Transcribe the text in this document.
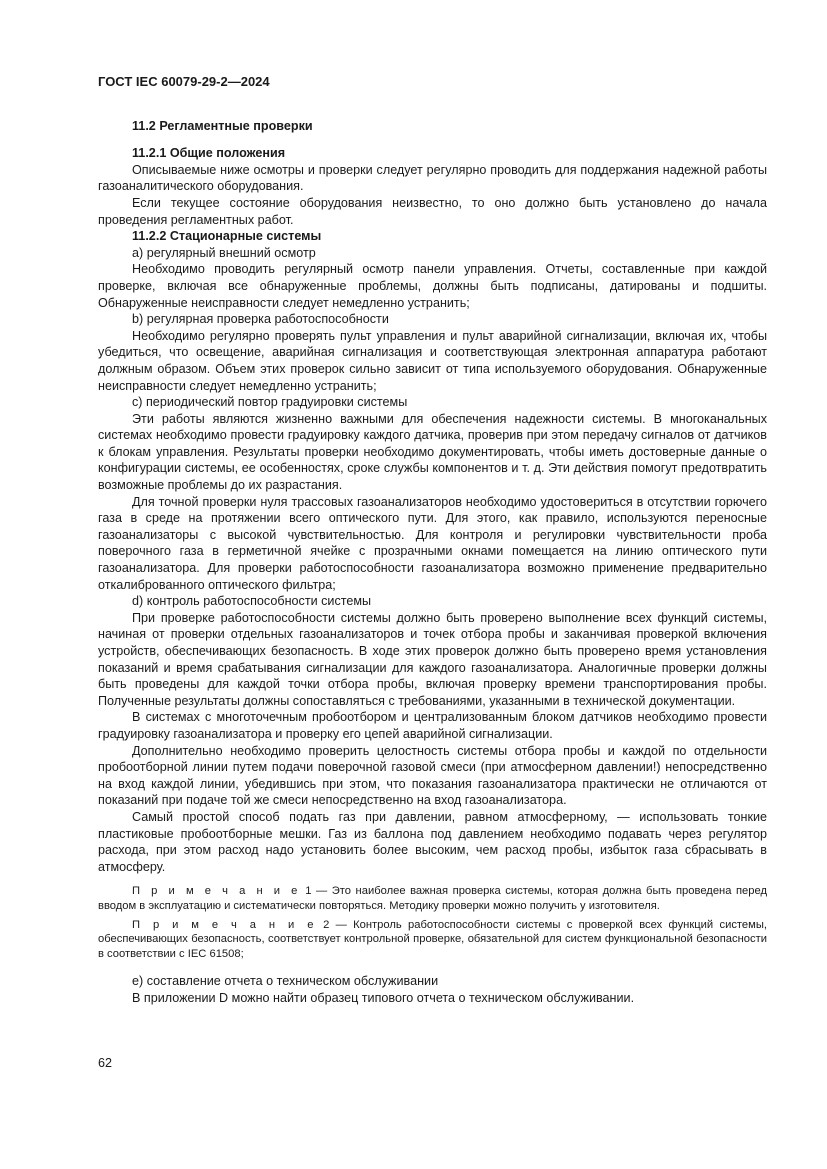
ГОСТ IEC 60079-29-2—2024
11.2 Регламентные проверки
11.2.1 Общие положения

Описываемые ниже осмотры и проверки следует регулярно проводить для поддержания надежной работы газоаналитического оборудования.

Если текущее состояние оборудования неизвестно, то оно должно быть установлено до начала проведения регламентных работ.

11.2.2 Стационарные системы

a) регулярный внешний осмотр

Необходимо проводить регулярный осмотр панели управления. Отчеты, составленные при каждой проверке, включая все обнаруженные проблемы, должны быть подписаны, датированы и подшиты. Обнаруженные неисправности следует немедленно устранить;

b) регулярная проверка работоспособности

Необходимо регулярно проверять пульт управления и пульт аварийной сигнализации, включая их, чтобы убедиться, что освещение, аварийная сигнализация и соответствующая электронная аппаратура работают должным образом. Объем этих проверок сильно зависит от типа используемого оборудования. Обнаруженные неисправности следует немедленно устранить;

c) периодический повтор градуировки системы

Эти работы являются жизненно важными для обеспечения надежности системы. В многоканальных системах необходимо провести градуировку каждого датчика, проверив при этом передачу сигналов от датчиков к блокам управления. Результаты проверки необходимо документировать, чтобы иметь достоверные данные о конфигурации системы, ее особенностях, сроке службы компонентов и т. д. Эти действия помогут предотвратить возможные проблемы до их разрастания.

Для точной проверки нуля трассовых газоанализаторов необходимо удостовериться в отсутствии горючего газа в среде на протяжении всего оптического пути. Для этого, как правило, используются переносные газоанализаторы с высокой чувствительностью. Для контроля и регулировки чувствительности проба поверочного газа в герметичной ячейке с прозрачными окнами помещается на линию оптического пути газоанализатора. Для проверки работоспособности газоанализатора возможно применение предварительно откалиброванного оптического фильтра;

d) контроль работоспособности системы

При проверке работоспособности системы должно быть проверено выполнение всех функций системы, начиная от проверки отдельных газоанализаторов и точек отбора пробы и заканчивая проверкой включения устройств, обеспечивающих безопасность. В ходе этих проверок должно быть проверено время установления показаний и время срабатывания сигнализации для каждого газоанализатора. Аналогичные проверки должны быть проведены для каждой точки отбора пробы, включая проверку времени транспортирования пробы. Полученные результаты должны сопоставляться с требованиями, указанными в технической документации.

В системах с многоточечным пробоотбором и централизованным блоком датчиков необходимо провести градуировку газоанализатора и проверку его цепей аварийной сигнализации.

Дополнительно необходимо проверить целостность системы отбора пробы и каждой по отдельности пробоотборной линии путем подачи поверочной газовой смеси (при атмосферном давлении!) непосредственно на вход каждой линии, убедившись при этом, что показания газоанализатора практически не отличаются от показаний при подаче той же смеси непосредственно на вход газоанализатора.

Самый простой способ подать газ при давлении, равном атмосферному, — использовать тонкие пластиковые пробоотборные мешки. Газ из баллона под давлением необходимо подавать через регулятор расхода, при этом расход надо установить более высоким, чем расход пробы, избыток газа сбрасывать в атмосферу.

П р и м е ч а н и е 1 — Это наиболее важная проверка системы, которая должна быть проведена перед вводом в эксплуатацию и систематически повторяться. Методику проверки можно получить у изготовителя.

П р и м е ч а н и е 2 — Контроль работоспособности системы с проверкой всех функций системы, обеспечивающих безопасность, соответствует контрольной проверке, обязательной для систем функциональной безопасности в соответствии с IEC 61508;

e) составление отчета о техническом обслуживании

В приложении D можно найти образец типового отчета о техническом обслуживании.

62
